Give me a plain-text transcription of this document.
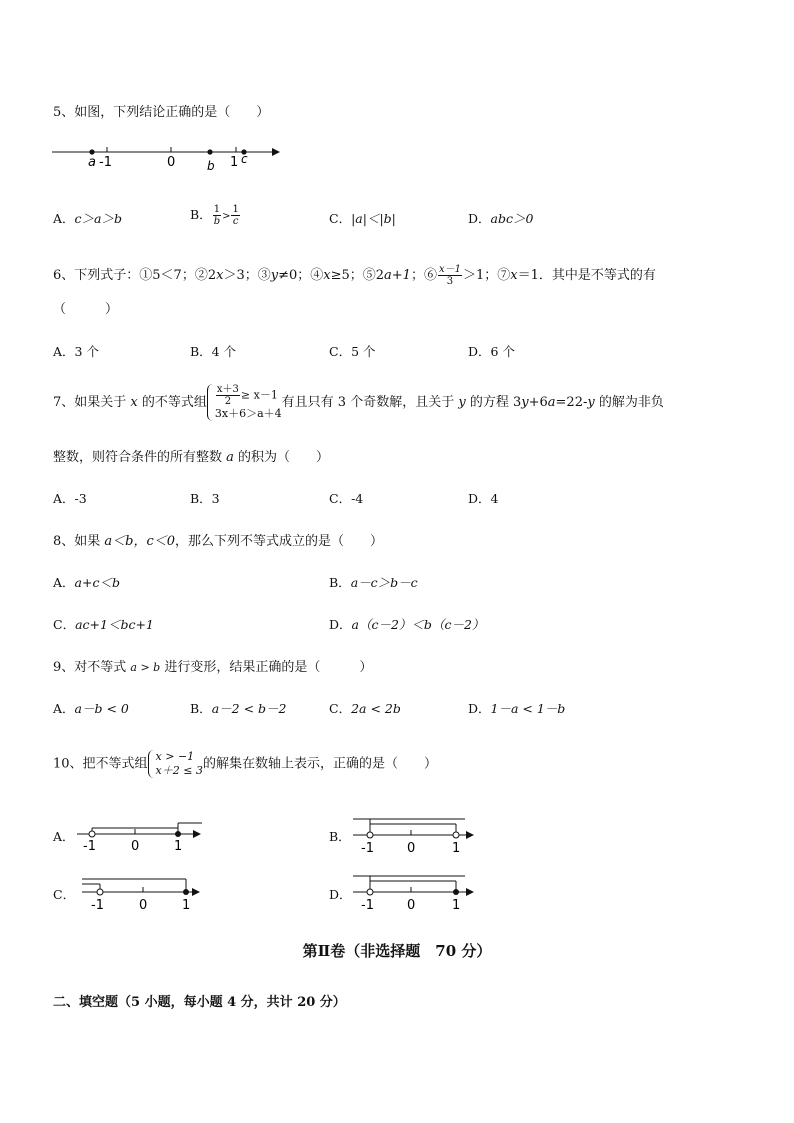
5、如图，下列结论正确的是（　　）
a -1	0	b 1 c
A．c＞a＞b	B． $\frac{1}{b} > \frac{1}{c}$	C．|a|＜|b|	D．abc＞0
6、下列式子：①5＜7；②2x＞3；③y≠0；④x≥5；⑤2a+1；⑥ $\frac{x-1}{3} >1$；⑦x＝1．其中是不等式的有
（　　　）
A．3 个	B．4 个	C．5 个	D．6 个
7、如果关于 x 的不等式组 $\frac{x+3}{2} \ge x-1$
3x＋6＞a＋4
有且只有 3 个奇数解，且关于 y 的方程 3y+6a=22-y 的解为非负
整数，则符合条件的所有整数 a 的积为（　　）
A．-3	B．3	C．-4	D．4
8、如果 a＜b，c＜0，那么下列不等式成立的是（　　）
A．a+c＜b	B．a－c＞b－c
C．ac+1＜bc+1	D．a（c－2）＜b（c－2）
9、对不等式 a > b 进行变形，结果正确的是（　　　）
A．a－b < 0	B．a－2 < b－2	C．2a < 2b	D．1－a < 1－b
10、把不等式组 x > −1
x＋2 ≤ 3 的解集在数轴上表示，正确的是（　　）
A．
-1	0	1
B．
-1	0	1
C．
-1	0	1
D．
-1	0	1
第Ⅱ卷（非选择题　70 分）
二、填空题（5 小题，每小题 4 分，共计 20 分）
